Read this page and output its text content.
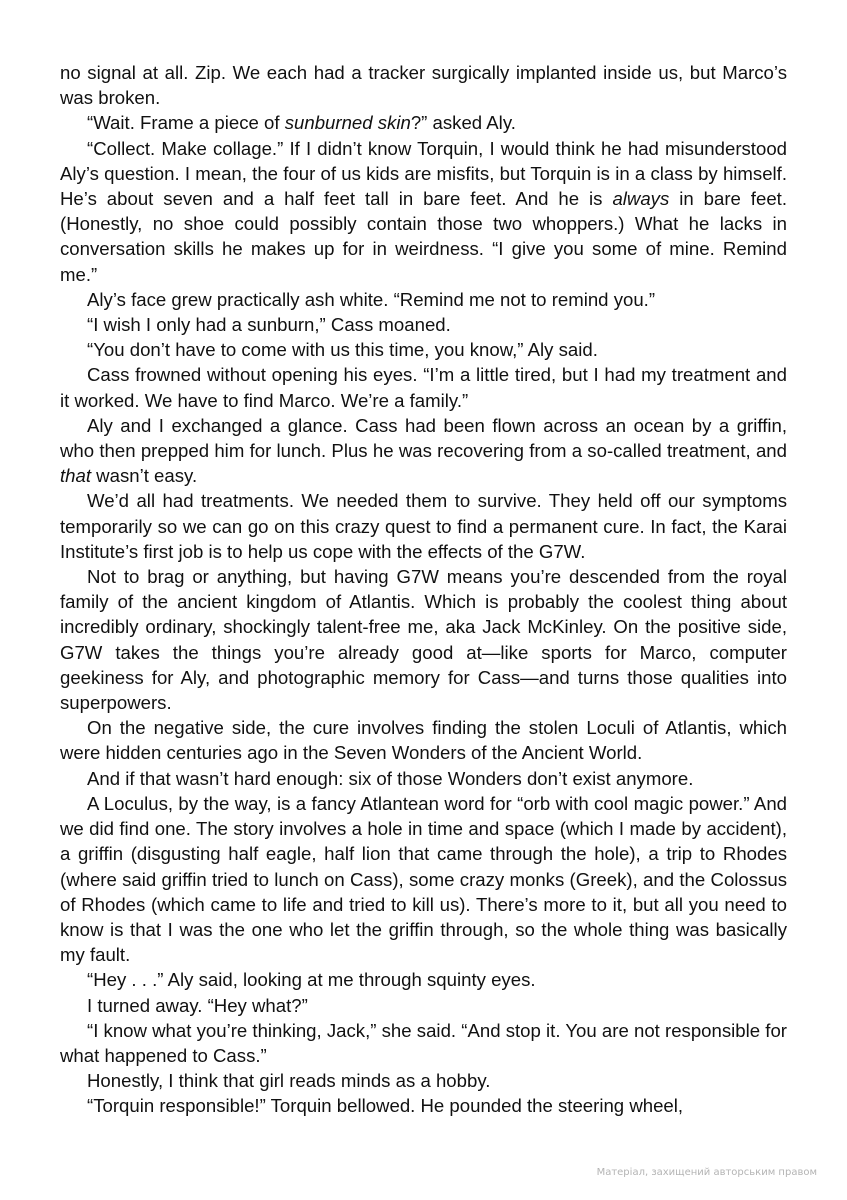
no signal at all. Zip. We each had a tracker surgically implanted inside us, but Marco’s was broken.

“Wait. Frame a piece of sunburned skin?” asked Aly.

“Collect. Make collage.” If I didn’t know Torquin, I would think he had misunderstood Aly’s question. I mean, the four of us kids are misfits, but Torquin is in a class by himself. He’s about seven and a half feet tall in bare feet. And he is always in bare feet. (Honestly, no shoe could possibly contain those two whoppers.) What he lacks in conversation skills he makes up for in weirdness. “I give you some of mine. Remind me.”

Aly’s face grew practically ash white. “Remind me not to remind you.”

“I wish I only had a sunburn,” Cass moaned.

“You don’t have to come with us this time, you know,” Aly said.

Cass frowned without opening his eyes. “I’m a little tired, but I had my treatment and it worked. We have to find Marco. We’re a family.”

Aly and I exchanged a glance. Cass had been flown across an ocean by a griffin, who then prepped him for lunch. Plus he was recovering from a so-called treatment, and that wasn’t easy.

We’d all had treatments. We needed them to survive. They held off our symptoms temporarily so we can go on this crazy quest to find a permanent cure. In fact, the Karai Institute’s first job is to help us cope with the effects of the G7W.

Not to brag or anything, but having G7W means you’re descended from the royal family of the ancient kingdom of Atlantis. Which is probably the coolest thing about incredibly ordinary, shockingly talent-free me, aka Jack McKinley. On the positive side, G7W takes the things you’re already good at—like sports for Marco, computer geekiness for Aly, and photographic memory for Cass—and turns those qualities into superpowers.

On the negative side, the cure involves finding the stolen Loculi of Atlantis, which were hidden centuries ago in the Seven Wonders of the Ancient World.

And if that wasn’t hard enough: six of those Wonders don’t exist anymore.

A Loculus, by the way, is a fancy Atlantean word for “orb with cool magic power.” And we did find one. The story involves a hole in time and space (which I made by accident), a griffin (disgusting half eagle, half lion that came through the hole), a trip to Rhodes (where said griffin tried to lunch on Cass), some crazy monks (Greek), and the Colossus of Rhodes (which came to life and tried to kill us). There’s more to it, but all you need to know is that I was the one who let the griffin through, so the whole thing was basically my fault.

“Hey . . .” Aly said, looking at me through squinty eyes.

I turned away. “Hey what?”

“I know what you’re thinking, Jack,” she said. “And stop it. You are not responsible for what happened to Cass.”

Honestly, I think that girl reads minds as a hobby.

“Torquin responsible!” Torquin bellowed. He pounded the steering wheel,

Матеріал, захищений авторським правом
